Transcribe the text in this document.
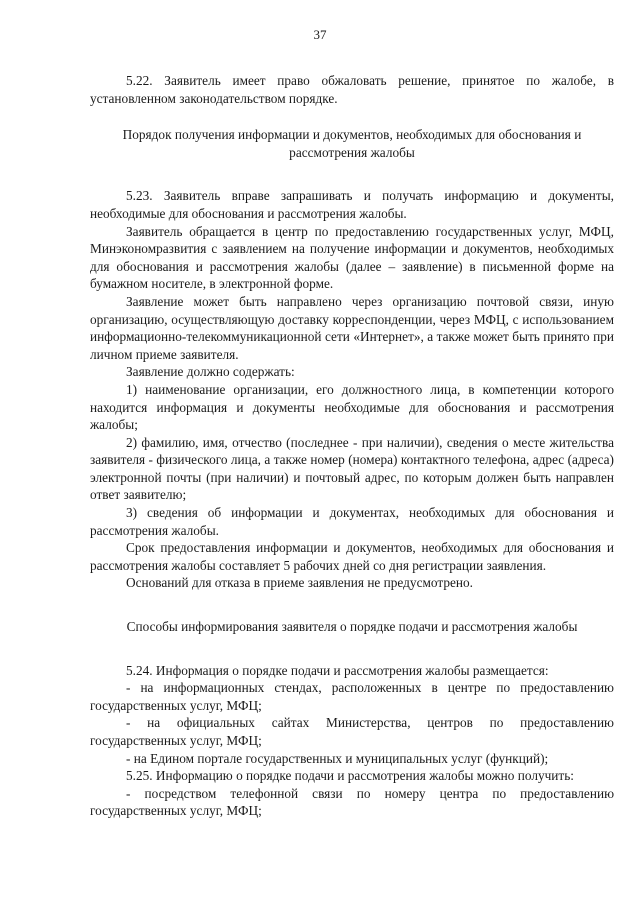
37
5.22. Заявитель имеет право обжаловать решение, принятое по жалобе, в установленном законодательством порядке.
Порядок получения информации и документов, необходимых для обоснования и рассмотрения жалобы
5.23. Заявитель вправе запрашивать и получать информацию и документы, необходимые для обоснования и рассмотрения жалобы.
Заявитель обращается в центр по предоставлению государственных услуг, МФЦ, Минэкономразвития с заявлением на получение информации и документов, необходимых для обоснования и рассмотрения жалобы (далее – заявление) в письменной форме на бумажном носителе, в электронной форме.
Заявление может быть направлено через организацию почтовой связи, иную организацию, осуществляющую доставку корреспонденции, через МФЦ, с использованием информационно-телекоммуникационной сети «Интернет», а также может быть принято при личном приеме заявителя.
Заявление должно содержать:
1) наименование организации, его должностного лица, в компетенции которого находится информация и документы необходимые для обоснования и рассмотрения жалобы;
2) фамилию, имя, отчество (последнее - при наличии), сведения о месте жительства заявителя - физического лица, а также номер (номера) контактного телефона, адрес (адреса) электронной почты (при наличии) и почтовый адрес, по которым должен быть направлен ответ заявителю;
3) сведения об информации и документах, необходимых для обоснования и рассмотрения жалобы.
Срок предоставления информации и документов, необходимых для обоснования и рассмотрения жалобы составляет 5 рабочих дней со дня регистрации заявления.
Оснований для отказа в приеме заявления не предусмотрено.
Способы информирования заявителя о порядке подачи и рассмотрения жалобы
5.24. Информация о порядке подачи и рассмотрения жалобы размещается:
- на информационных стендах, расположенных в центре по предоставлению государственных услуг, МФЦ;
- на официальных сайтах Министерства, центров по предоставлению государственных услуг, МФЦ;
- на Едином портале государственных и муниципальных услуг (функций);
5.25. Информацию о порядке подачи и рассмотрения жалобы можно получить:
- посредством телефонной связи по номеру центра по предоставлению государственных услуг, МФЦ;
